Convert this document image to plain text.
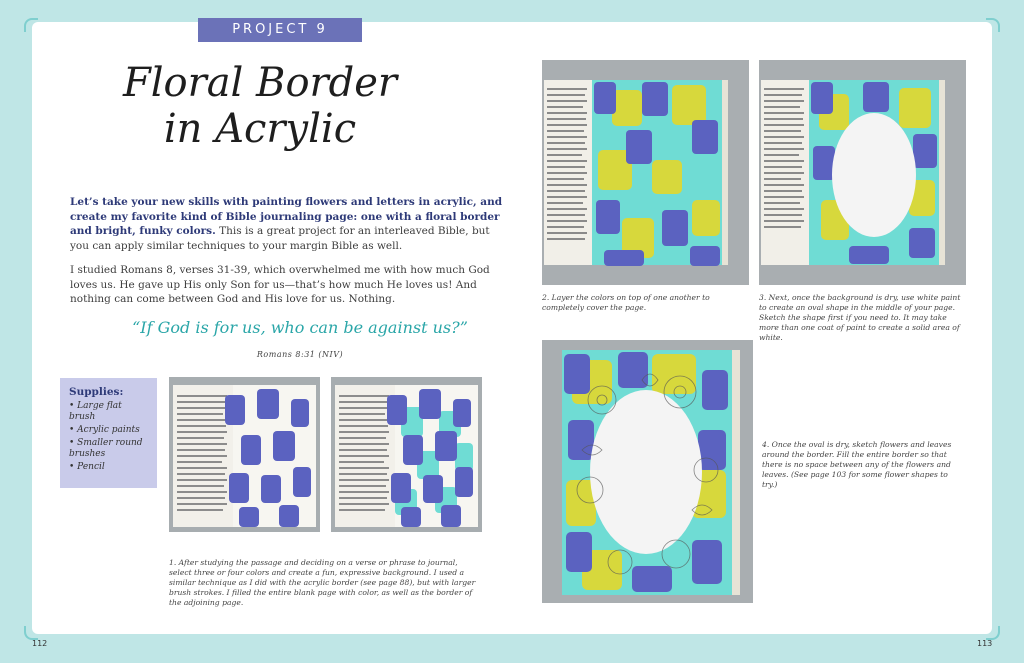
PROJECT 9
Floral Border
in Acrylic
Let’s take your new skills with painting flowers and letters in acrylic, and create my favorite kind of Bible journaling page: one with a floral border and bright, funky colors. This is a great project for an interleaved Bible, but you can apply similar techniques to your margin Bible as well.
I studied Romans 8, verses 31-39, which overwhelmed me with how much God loves us. He gave up His only Son for us—that’s how much He loves us! And nothing can come between God and His love for us. Nothing.
“If God is for us, who can be against us?”
Romans 8:31 (NIV)
Supplies:
• Large flat brush
• Acrylic paints
• Smaller round brushes
• Pencil
1. After studying the passage and deciding on a verse or phrase to journal, select three or four colors and create a fun, expressive background. I used a similar technique as I did with the acrylic border (see page 88), but with larger brush strokes. I filled the entire blank page with color, as well as the border of the adjoining page.
2. Layer the colors on top of one another to completely cover the page.
3. Next, once the background is dry, use white paint to create an oval shape in the middle of your page. Sketch the shape first if you need to. It may take more than one coat of paint to create a solid area of white.
4. Once the oval is dry, sketch flowers and leaves around the border. Fill the entire border so that there is no space between any of the flowers and leaves. (See page 103 for some flower shapes to try.)
112	113
